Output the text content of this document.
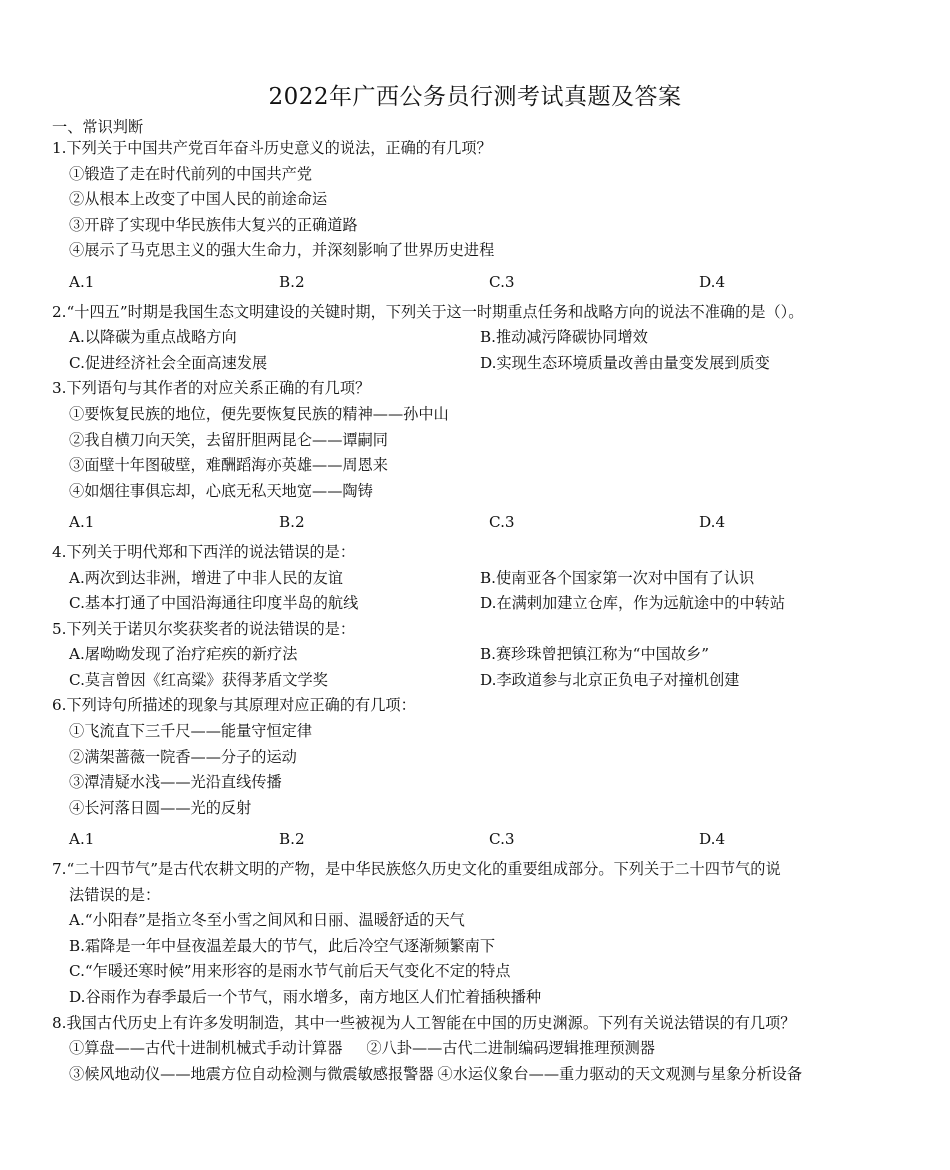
2022年广西公务员行测考试真题及答案
一、常识判断
1.下列关于中国共产党百年奋斗历史意义的说法，正确的有几项？
①锻造了走在时代前列的中国共产党
②从根本上改变了中国人民的前途命运
③开辟了实现中华民族伟大复兴的正确道路
④展示了马克思主义的强大生命力，并深刻影响了世界历史进程
A.1	B.2	C.3	D.4
2.“十四五”时期是我国生态文明建设的关键时期，下列关于这一时期重点任务和战略方向的说法不准确的是（）。
A.以降碳为重点战略方向	B.推动减污降碳协同增效
C.促进经济社会全面高速发展	D.实现生态环境质量改善由量变发展到质变
3.下列语句与其作者的对应关系正确的有几项？
①要恢复民族的地位，便先要恢复民族的精神——孙中山
②我自横刀向天笑，去留肝胆两昆仑——谭嗣同
③面壁十年图破壁，难酬蹈海亦英雄——周恩来
④如烟往事俱忘却，心底无私天地宽——陶铸
A.1	B.2	C.3	D.4
4.下列关于明代郑和下西洋的说法错误的是：
A.两次到达非洲，增进了中非人民的友谊	B.使南亚各个国家第一次对中国有了认识
C.基本打通了中国沿海通往印度半岛的航线	D.在满剌加建立仓库，作为远航途中的中转站
5.下列关于诺贝尔奖获奖者的说法错误的是：
A.屠呦呦发现了治疗疟疾的新疗法	B.赛珍珠曾把镇江称为“中国故乡”
C.莫言曾因《红高粱》获得茅盾文学奖	D.李政道参与北京正负电子对撞机创建
6.下列诗句所描述的现象与其原理对应正确的有几项：
①飞流直下三千尺——能量守恒定律
②满架蔷薇一院香——分子的运动
③潭清疑水浅——光沿直线传播
④长河落日圆——光的反射
A.1	B.2	C.3	D.4
7.“二十四节气”是古代农耕文明的产物，是中华民族悠久历史文化的重要组成部分。下列关于二十四节气的说
法错误的是：
A.“小阳春”是指立冬至小雪之间风和日丽、温暖舒适的天气
B.霜降是一年中昼夜温差最大的节气，此后冷空气逐渐频繁南下
C.“乍暖还寒时候”用来形容的是雨水节气前后天气变化不定的特点
D.谷雨作为春季最后一个节气，雨水增多，南方地区人们忙着插秧播种
8.我国古代历史上有许多发明制造，其中一些被视为人工智能在中国的历史渊源。下列有关说法错误的有几项？
①算盘——古代十进制机械式手动计算器 ②八卦——古代二进制编码逻辑推理预测器
③候风地动仪——地震方位自动检测与微震敏感报警器 ④水运仪象台——重力驱动的天文观测与星象分析设备
